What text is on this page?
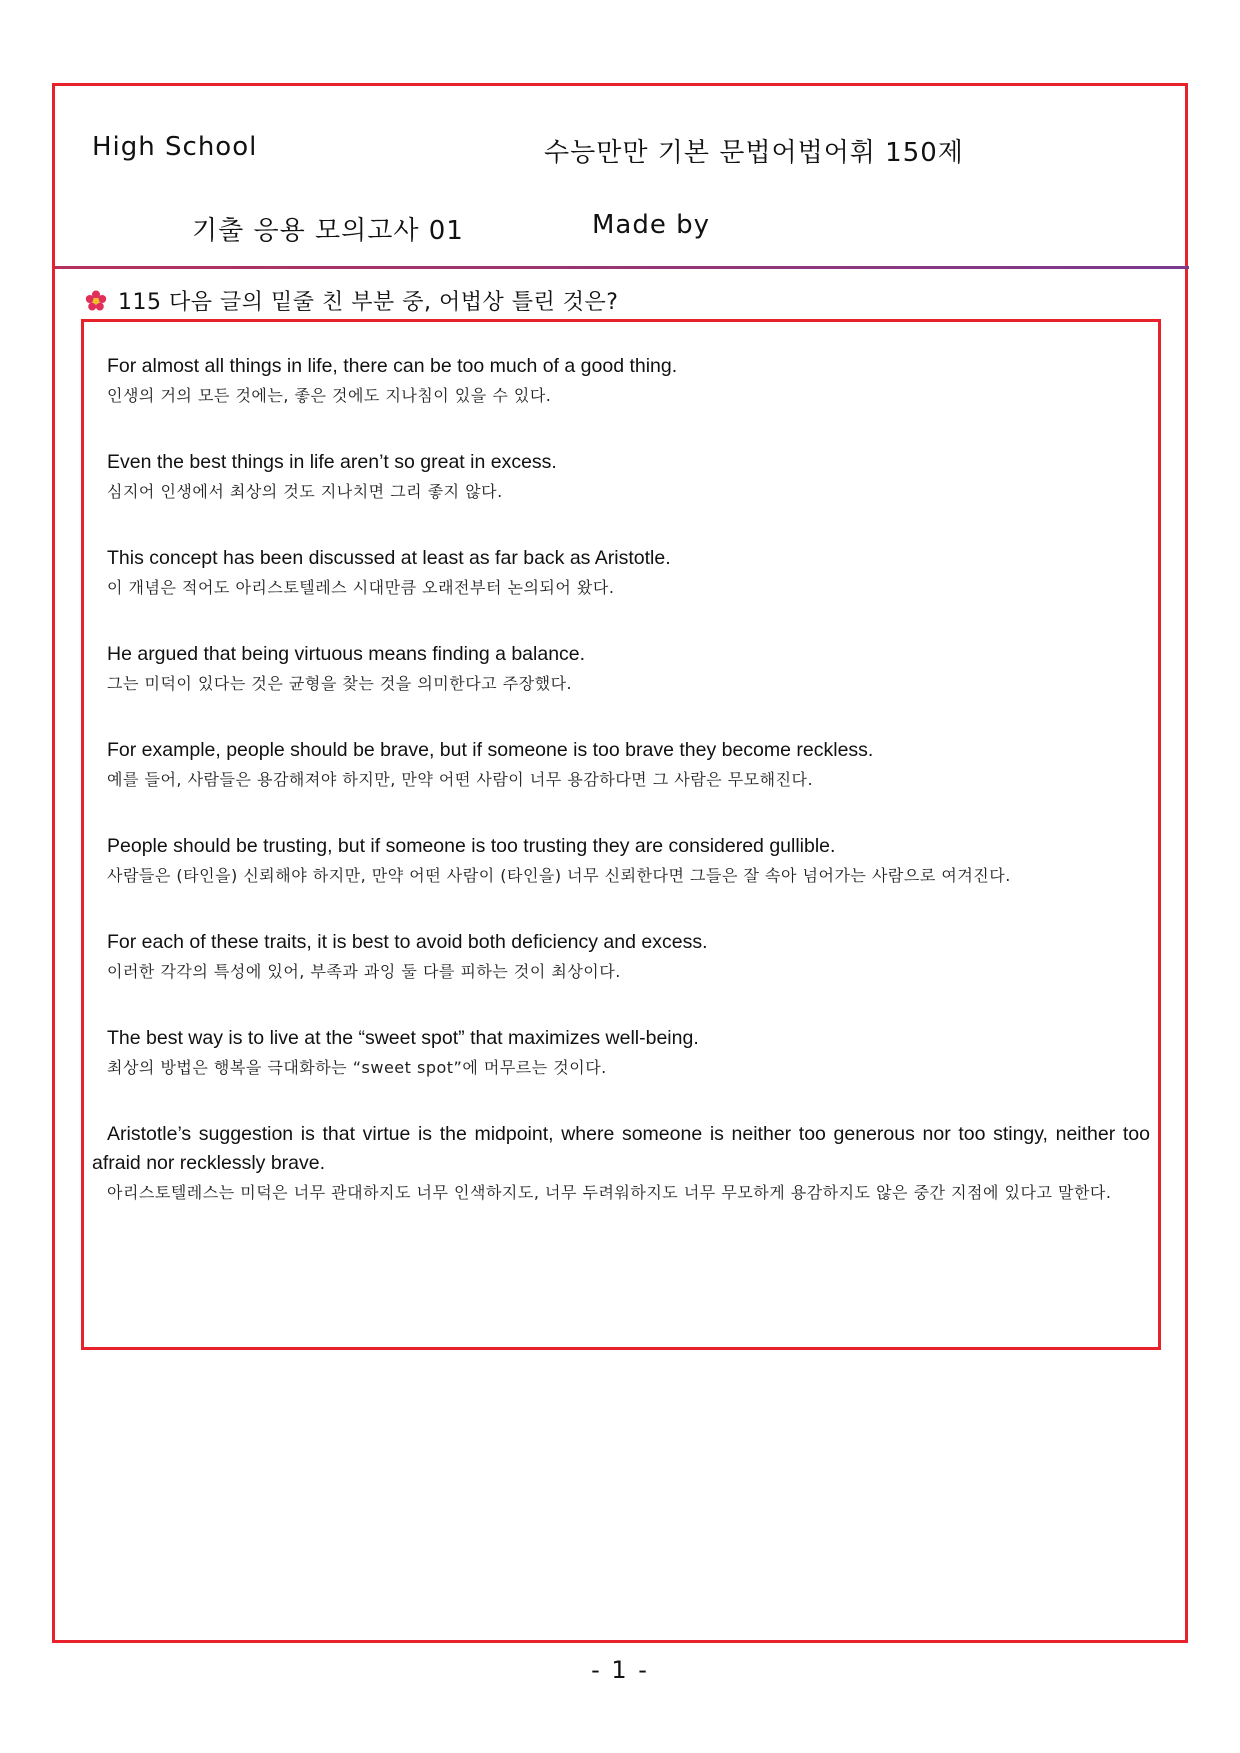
High School	수능만만 기본 문법어법어휘 150제
기출 응용 모의고사 01	Made by
115 다음 글의 밑줄 친 부분 중, 어법상 틀린 것은?

For almost all things in life, there can be too much of a good thing.

인생의 거의 모든 것에는, 좋은 것에도 지나침이 있을 수 있다.

Even the best things in life aren’t so great in excess.

심지어 인생에서 최상의 것도 지나치면 그리 좋지 않다.

This concept has been discussed at least as far back as Aristotle.

이 개념은 적어도 아리스토텔레스 시대만큼 오래전부터 논의되어 왔다.

He argued that being virtuous means finding a balance.

그는 미덕이 있다는 것은 균형을 찾는 것을 의미한다고 주장했다.

For example, people should be brave, but if someone is too brave they become reckless.

예를 들어, 사람들은 용감해져야 하지만, 만약 어떤 사람이 너무 용감하다면 그 사람은 무모해진다.

People should be trusting, but if someone is too trusting they are considered gullible.

사람들은 (타인을) 신뢰해야 하지만, 만약 어떤 사람이 (타인을) 너무 신뢰한다면 그들은 잘 속아 넘어가는 사람으로 여겨진다.

For each of these traits, it is best to avoid both deficiency and excess.

이러한 각각의 특성에 있어, 부족과 과잉 둘 다를 피하는 것이 최상이다.

The best way is to live at the “sweet spot” that maximizes well-being.

최상의 방법은 행복을 극대화하는 “sweet spot”에 머무르는 것이다.

Aristotle’s suggestion is that virtue is the midpoint, where someone is neither too generous nor too stingy, neither too afraid nor recklessly brave.

아리스토텔레스는 미덕은 너무 관대하지도 너무 인색하지도, 너무 두려워하지도 너무 무모하게 용감하지도 않은 중간 지점에 있다고 말한다.

- 1 -
